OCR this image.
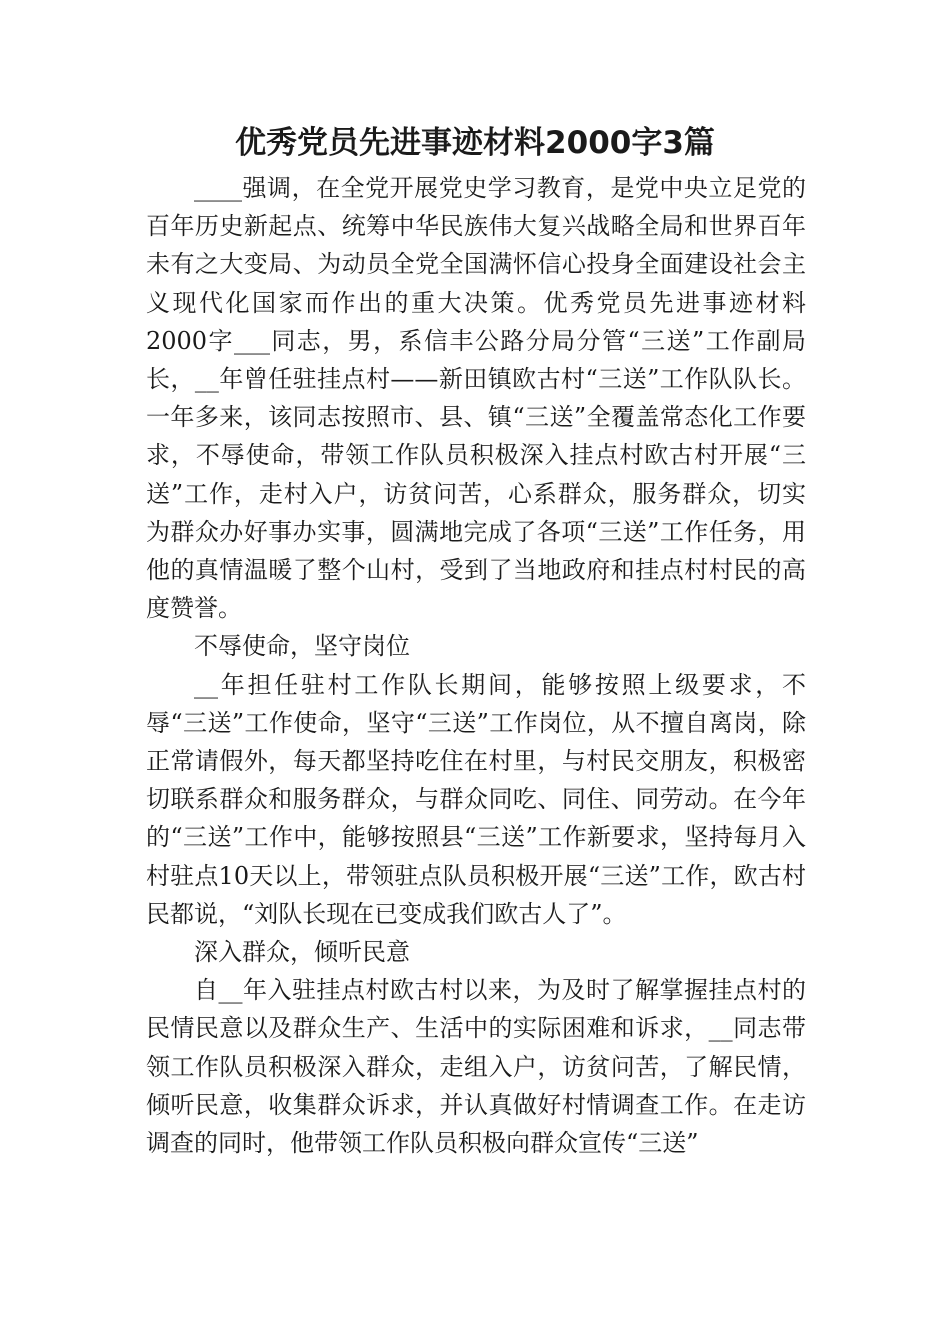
优秀党员先进事迹材料2000字3篇

____强调，在全党开展党史学习教育，是党中央立足党的百年历史新起点、统筹中华民族伟大复兴战略全局和世界百年未有之大变局、为动员全党全国满怀信心投身全面建设社会主义现代化国家而作出的重大决策。优秀党员先进事迹材料2000字___同志，男，系信丰公路分局分管“三送”工作副局长，__年曾任驻挂点村——新田镇欧古村“三送”工作队队长。一年多来，该同志按照市、县、镇“三送”全覆盖常态化工作要求，不辱使命，带领工作队员积极深入挂点村欧古村开展“三送”工作，走村入户，访贫问苦，心系群众，服务群众，切实为群众办好事办实事，圆满地完成了各项“三送”工作任务，用他的真情温暖了整个山村，受到了当地政府和挂点村村民的高度赞誉。

不辱使命，坚守岗位

__年担任驻村工作队长期间，能够按照上级要求，不辱“三送”工作使命，坚守“三送”工作岗位，从不擅自离岗，除正常请假外，每天都坚持吃住在村里，与村民交朋友，积极密切联系群众和服务群众，与群众同吃、同住、同劳动。在今年的“三送”工作中，能够按照县“三送”工作新要求，坚持每月入村驻点10天以上，带领驻点队员积极开展“三送”工作，欧古村民都说，“刘队长现在已变成我们欧古人了”。

深入群众，倾听民意

自__年入驻挂点村欧古村以来，为及时了解掌握挂点村的民情民意以及群众生产、生活中的实际困难和诉求，__同志带领工作队员积极深入群众，走组入户，访贫问苦，了解民情，倾听民意，收集群众诉求，并认真做好村情调查工作。在走访调查的同时，他带领工作队员积极向群众宣传“三送”
